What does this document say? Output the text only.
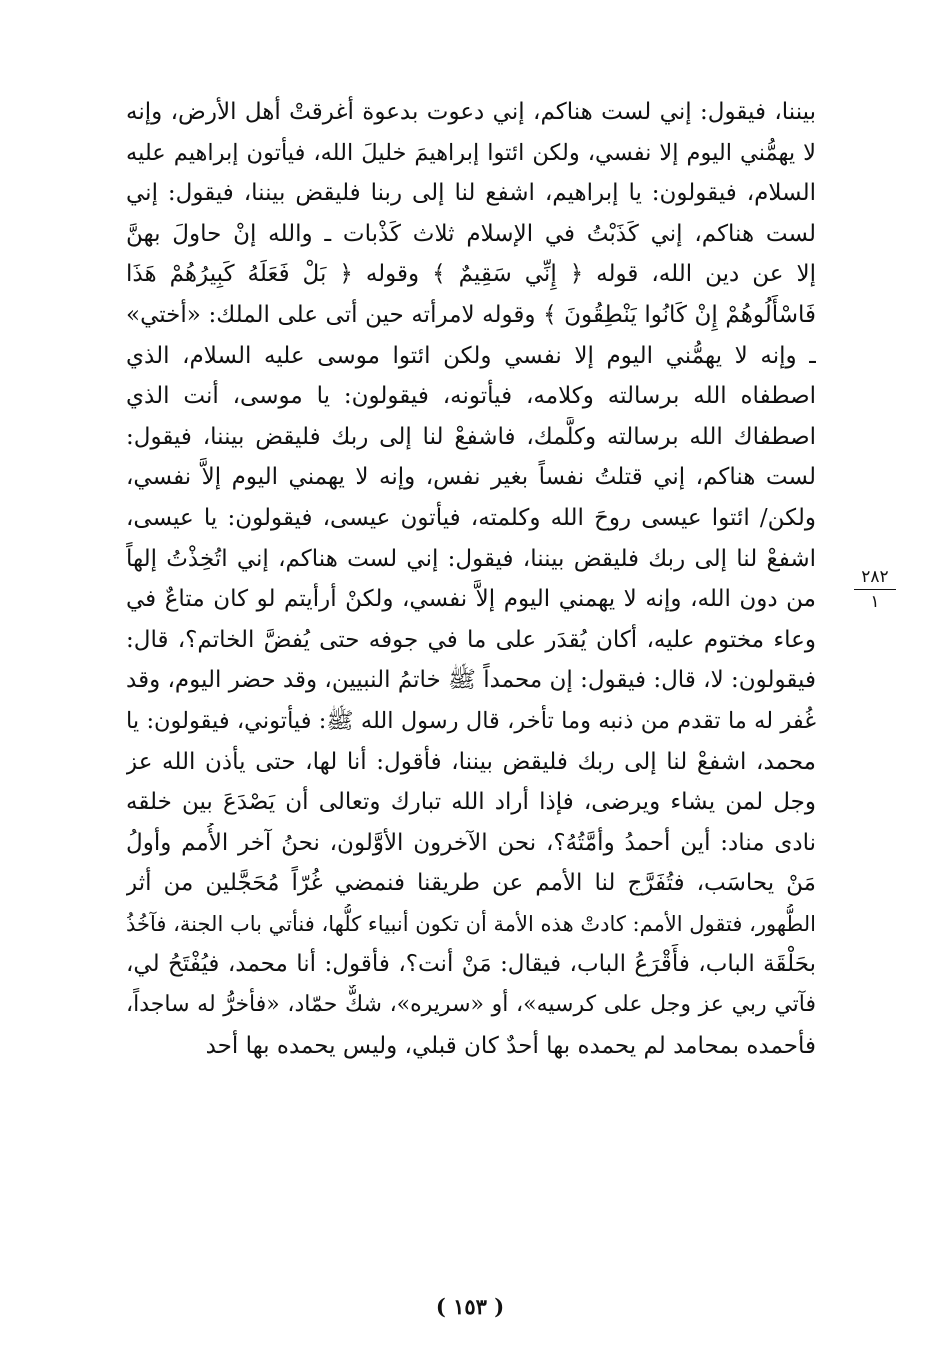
بيننا، فيقول: إني لست هناكم، إني دعوت بدعوة أغرقتْ أهل الأرض، وإنه
لا يهمُّني اليوم إلا نفسي، ولكن ائتوا إبراهيمَ خليلَ الله، فيأتون إبراهيم عليه
السلام، فيقولون: يا إبراهيم، اشفع لنا إلى ربنا فليقض بيننا، فيقول: إني
لست هناكم، إني كَذَبْتُ في الإسلام ثلاث كَذْبات ـ والله إنْ حاولَ بهنَّ
إلا عن دين الله، قوله ﴿ إِنِّي سَقِيمٌ ﴾ وقوله ﴿ بَلْ فَعَلَهُ كَبِيرُهُمْ هَذَا
فَاسْأَلُوهُمْ إِنْ كَانُوا يَنْطِقُونَ ﴾ وقوله لامرأته حين أتى على الملك: «أختي»
ـ وإنه لا يهمُّني اليوم إلا نفسي ولكن ائتوا موسى عليه السلام، الذي
اصطفاه الله برسالته وكلامه، فيأتونه، فيقولون: يا موسى، أنت الذي
اصطفاك الله برسالته وكلَّمك، فاشفعْ لنا إلى ربك فليقض بيننا، فيقول:
لست هناكم، إني قتلتُ نفساً بغير نفس، وإنه لا يهمني اليوم إلاَّ نفسي،
ولكن/ ائتوا عيسى روحَ الله وكلمته، فيأتون عيسى، فيقولون: يا عيسى،
اشفعْ لنا إلى ربك فليقض بيننا، فيقول: إني لست هناكم، إني اتُخِذْتُ إلهاً
من دون الله، وإنه لا يهمني اليوم إلاَّ نفسي، ولكنْ أرأيتم لو كان متاعٌ في
وعاء مختوم عليه، أكان يُقدَر على ما في جوفه حتى يُفضَّ الخاتم؟، قال:
فيقولون: لا، قال: فيقول: إن محمداً ﷺ خاتمُ النبيين، وقد حضر اليوم، وقد
غُفر له ما تقدم من ذنبه وما تأخر، قال رسول الله ﷺ: فيأتوني، فيقولون: يا
محمد، اشفعْ لنا إلى ربك فليقض بيننا، فأقول: أنا لها، حتى يأذن الله عز
وجل لمن يشاء ويرضى، فإذا أراد الله تبارك وتعالى أن يَصْدَعَ بين خلقه
نادى مناد: أين أحمدُ وأمَّتُهُ؟، نحن الآخرون الأوَّلون، نحنُ آخر الأُمم وأولُ
مَنْ يحاسَب، فتُفَرَّج لنا الأمم عن طريقنا فنمضي غُرّاً مُحَجَّلين من أثر
الطُّهور، فتقول الأمم: كادتْ هذه الأمة أن تكون أنبياء كلُّها، فنأتي باب الجنة، فآخُذُ
بحَلْقَة الباب، فأَقْرَعُ الباب، فيقال: مَنْ أنت؟، فأقول: أنا محمد، فيُفْتَحُ لي،
فآتي ربي عز وجل على كرسيه»، أو «سريره»، شكٌّ حمّاد، «فأخرُّ له ساجداً،
فأحمده بمحامد لم يحمده بها أحدٌ كان قبلي، وليس يحمده بها أحد
٢٨٢
١
( ١٥٣ )
